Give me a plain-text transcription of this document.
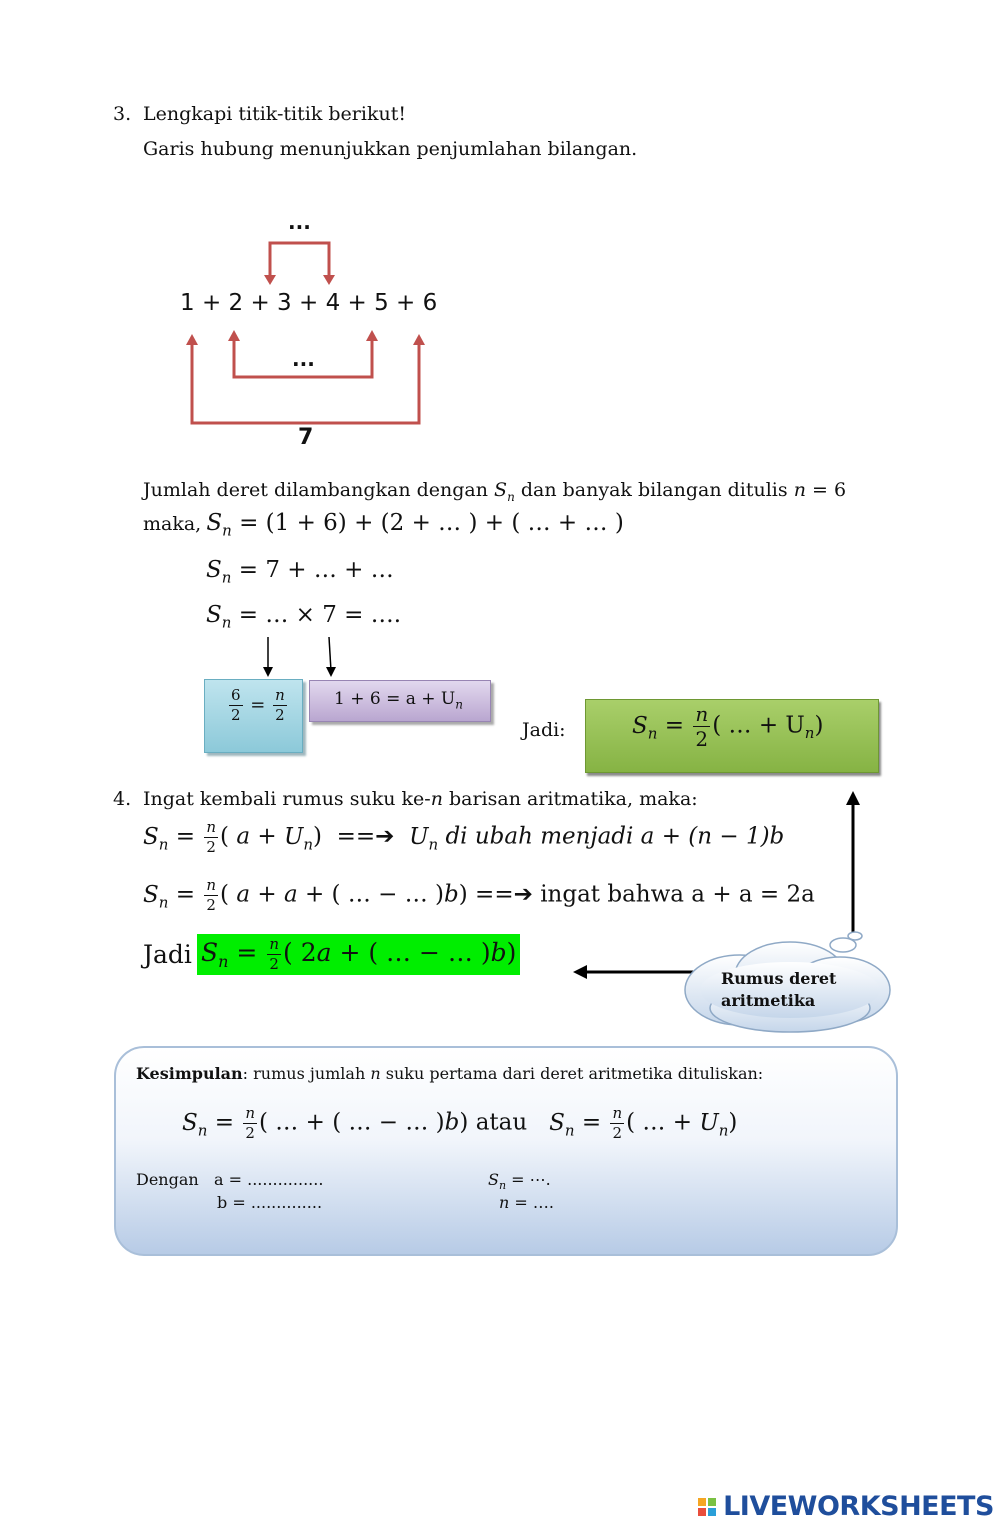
3. Lengkapi titik-titik berikut!
Garis hubung menunjukkan penjumlahan bilangan.
...
1 + 2 + 3 + 4 + 5 + 6
...
7
Jumlah deret dilambangkan dengan $S_n$ dan banyak bilangan ditulis n = 6
maka, $S_n = (1 + 6) + (2$ + … ) + ( … + … )
$S_n = 7$ + … + …
$S_n$ = … × 7 = ….
$\frac{6}{2} = \frac{n}{2}$	$1 + 6 = a + U_n$
Jadi:	$S_n = \frac{n}{2}$ ( … + $U_n$)
4. Ingat kembali rumus suku ke-n barisan aritmatika, maka:
$S_n = \frac{n}{2}$ ( $a + U_n$)  ==➔ $U_n$ di ubah menjadi a + (n − 1)b
$S_n = \frac{n}{2}$ ( a + a + ( … − … )b) ==➔ ingat bahwa a + a = 2a
Jadi $S_n = \frac{n}{2}$ ( 2a + ( … − … )b)
Rumus deret
aritmetika
Kesimpulan: rumus jumlah n suku pertama dari deret aritmetika dituliskan:
$S_n = \frac{n}{2}$ ( … + ( … − … )b) atau $S_n = \frac{n}{2}$ ( … + $U_n$)
Dengan a = ...............
b = ..............
$S_n$ = ⋯.
n = ….
LIVEWORKSHEETS
